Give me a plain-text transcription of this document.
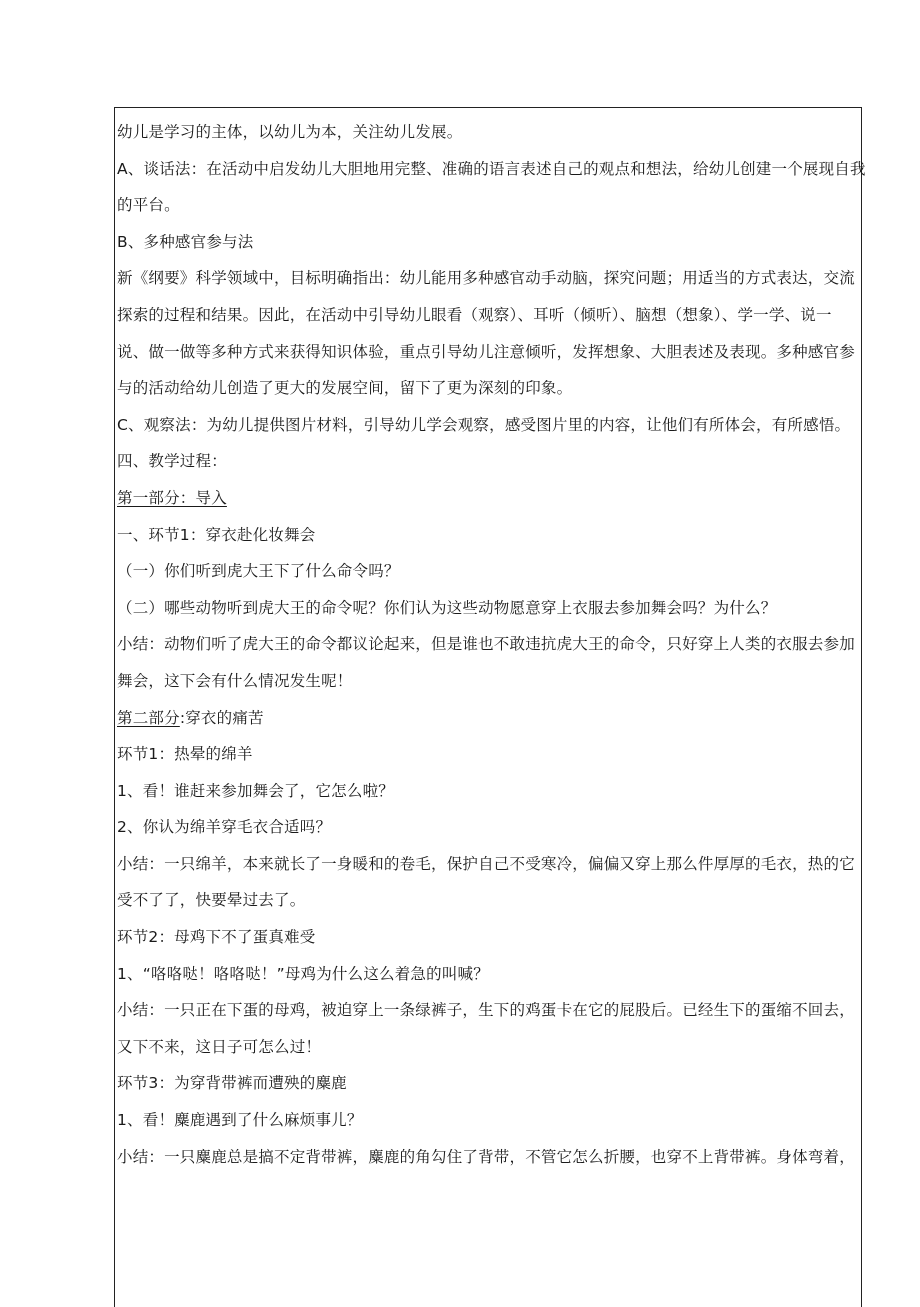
幼儿是学习的主体，以幼儿为本，关注幼儿发展。
A、谈话法：在活动中启发幼儿大胆地用完整、准确的语言表述自己的观点和想法，给幼儿创建一个展现自我
的平台。
B、多种感官参与法
新《纲要》科学领域中，目标明确指出：幼儿能用多种感官动手动脑，探究问题；用适当的方式表达，交流
探索的过程和结果。因此，在活动中引导幼儿眼看（观察）、耳听（倾听）、脑想（想象）、学一学、说一
说、做一做等多种方式来获得知识体验，重点引导幼儿注意倾听，发挥想象、大胆表述及表现。多种感官参
与的活动给幼儿创造了更大的发展空间，留下了更为深刻的印象。
C、观察法：为幼儿提供图片材料，引导幼儿学会观察，感受图片里的内容，让他们有所体会，有所感悟。
四、教学过程：
第一部分：导入
一、环节1：穿衣赴化妆舞会
（一）你们听到虎大王下了什么命令吗？
（二）哪些动物听到虎大王的命令呢？你们认为这些动物愿意穿上衣服去参加舞会吗？为什么？
小结：动物们听了虎大王的命令都议论起来，但是谁也不敢违抗虎大王的命令，只好穿上人类的衣服去参加
舞会，这下会有什么情况发生呢！
第二部分:穿衣的痛苦
环节1：热晕的绵羊
1、看！谁赶来参加舞会了，它怎么啦？
2、你认为绵羊穿毛衣合适吗？
小结：一只绵羊，本来就长了一身暖和的卷毛，保护自己不受寒冷，偏偏又穿上那么件厚厚的毛衣，热的它
受不了了，快要晕过去了。
环节2：母鸡下不了蛋真难受
1、“咯咯哒！咯咯哒！”母鸡为什么这么着急的叫喊？
小结：一只正在下蛋的母鸡，被迫穿上一条绿裤子，生下的鸡蛋卡在它的屁股后。已经生下的蛋缩不回去，
又下不来，这日子可怎么过！
环节3：为穿背带裤而遭殃的麋鹿
1、看！麋鹿遇到了什么麻烦事儿？
小结：一只麋鹿总是搞不定背带裤，麋鹿的角勾住了背带，不管它怎么折腰，也穿不上背带裤。身体弯着，
